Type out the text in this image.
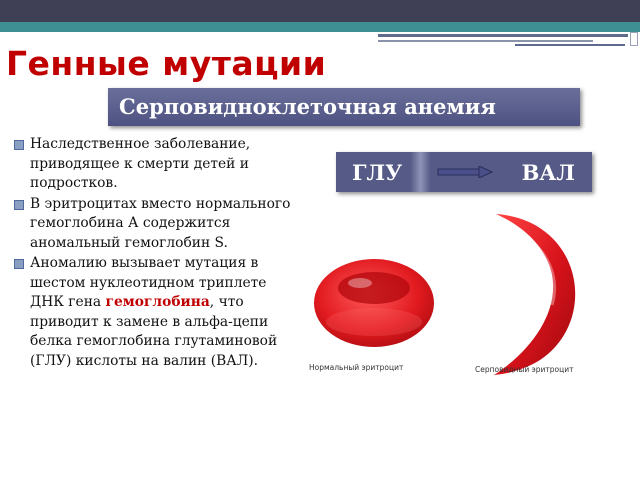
Генные мутации
Серповидноклеточная анемия
Наследственное заболевание, приводящее к смерти детей и подростков.
В эритроцитах вместо нормального гемоглобина А содержится аномальный гемоглобин S.
Аномалию вызывает мутация в шестом нуклеотидном триплете ДНК гена гемоглобина, что приводит к замене в альфа-цепи белка гемоглобина глутаминовой (ГЛУ) кислоты на валин (ВАЛ).
ГЛУ	ВАЛ
Нормальный эритроцит	Серповидный эритроцит
